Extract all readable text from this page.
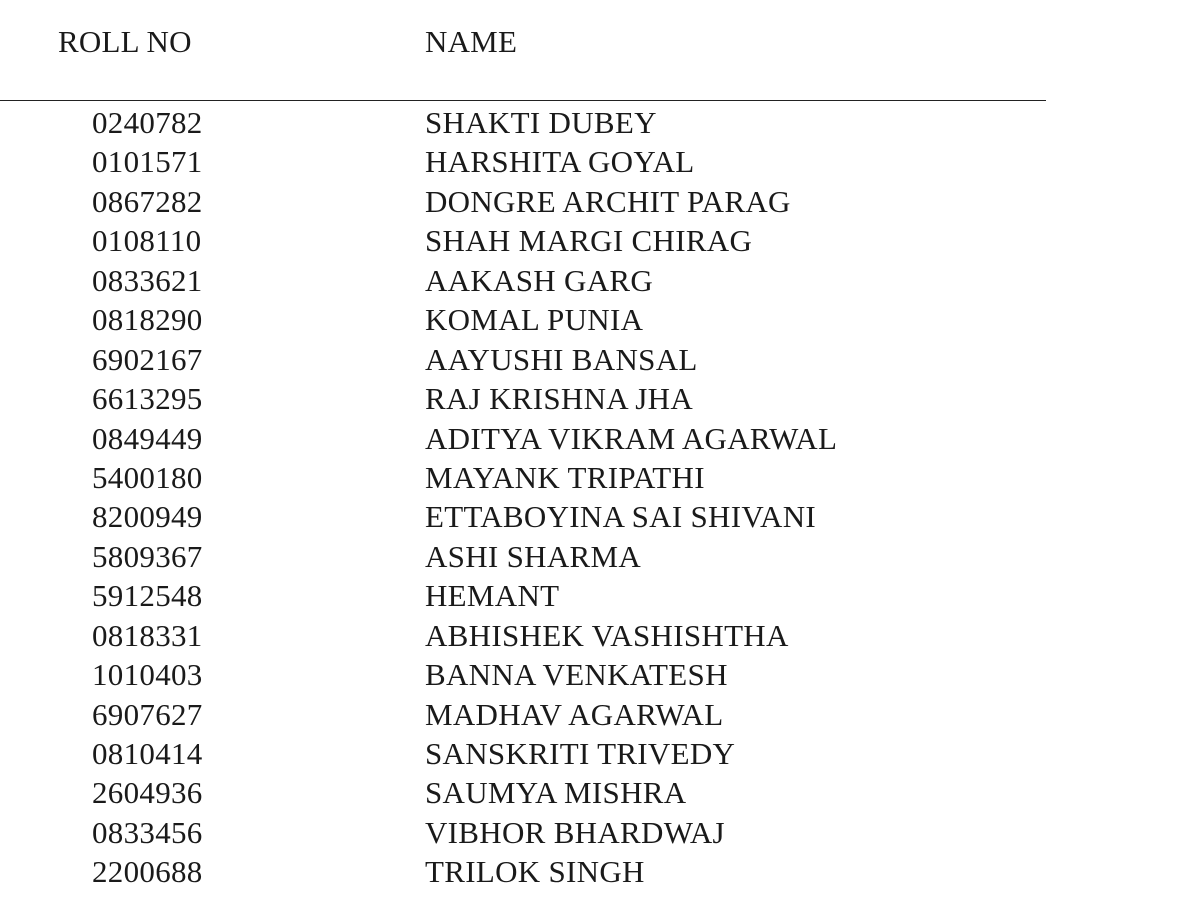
ROLL NO	NAME
0240782	SHAKTI DUBEY
0101571	HARSHITA GOYAL
0867282	DONGRE ARCHIT PARAG
0108110	SHAH MARGI CHIRAG
0833621	AAKASH GARG
0818290	KOMAL PUNIA
6902167	AAYUSHI BANSAL
6613295	RAJ KRISHNA JHA
0849449	ADITYA VIKRAM AGARWAL
5400180	MAYANK TRIPATHI
8200949	ETTABOYINA SAI SHIVANI
5809367	ASHI SHARMA
5912548	HEMANT
0818331	ABHISHEK VASHISHTHA
1010403	BANNA VENKATESH
6907627	MADHAV AGARWAL
0810414	SANSKRITI TRIVEDY
2604936	SAUMYA MISHRA
0833456	VIBHOR BHARDWAJ
2200688	TRILOK SINGH
